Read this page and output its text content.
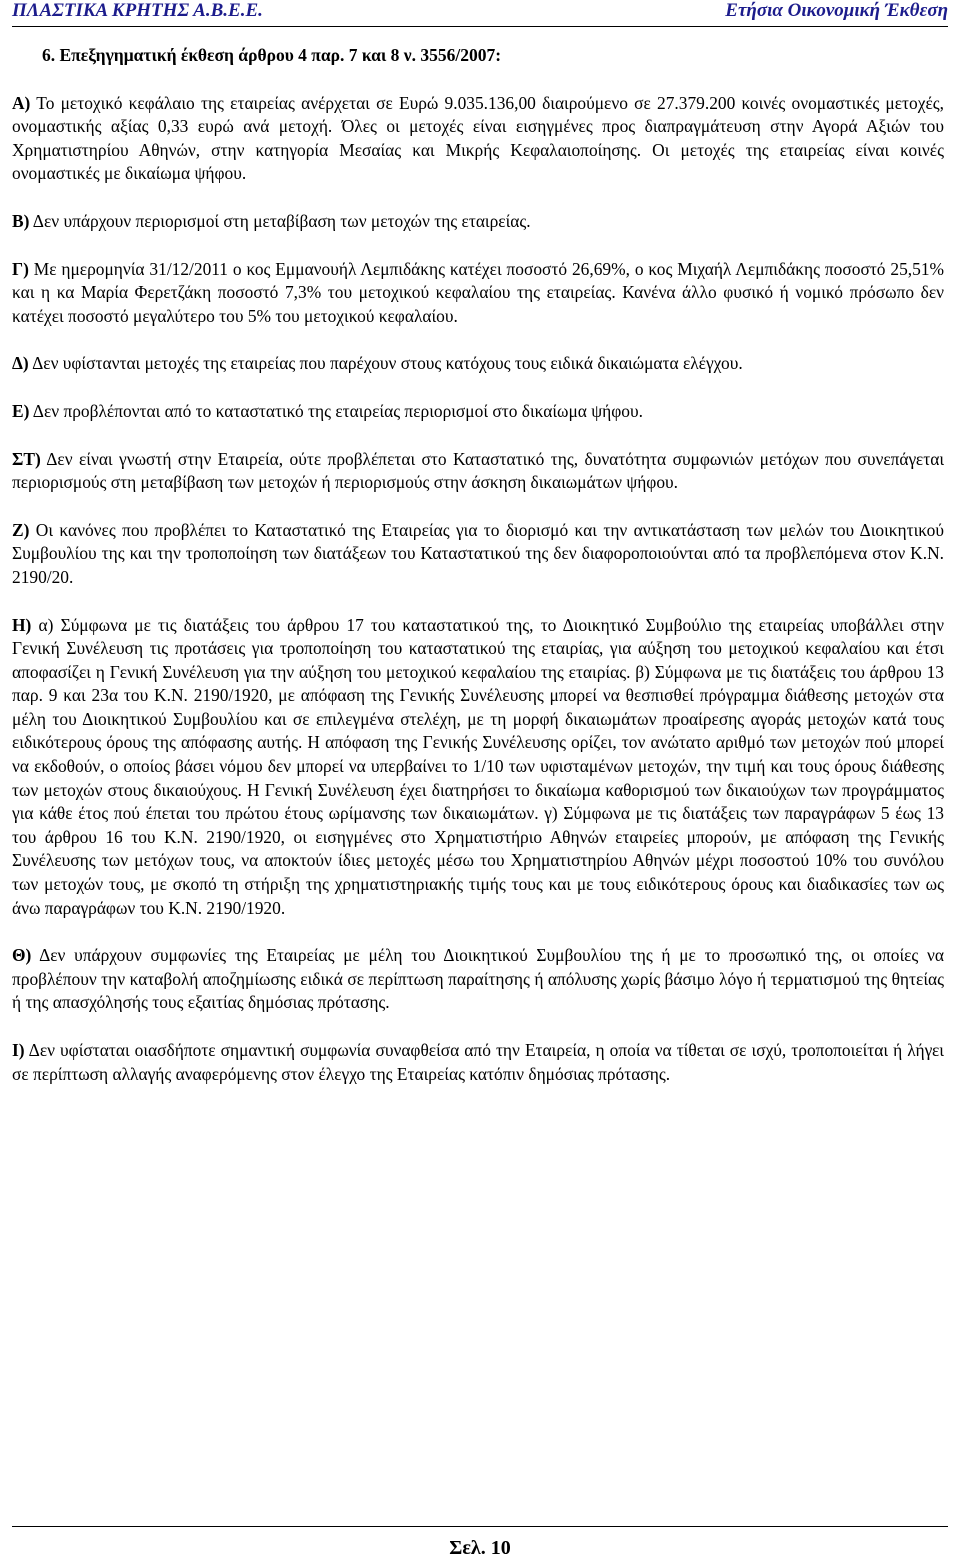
ΠΛΑΣΤΙΚΑ ΚΡΗΤΗΣ Α.Β.Ε.Ε.	Ετήσια Οικονομική Έκθεση
6. Επεξηγηματική έκθεση άρθρου 4 παρ. 7 και 8 ν. 3556/2007:

Α) Το μετοχικό κεφάλαιο της εταιρείας ανέρχεται σε Ευρώ 9.035.136,00 διαιρούμενο σε 27.379.200 κοινές ονομαστικές μετοχές, ονομαστικής αξίας 0,33 ευρώ ανά μετοχή. Όλες οι μετοχές είναι εισηγμένες προς διαπραγμάτευση στην Αγορά Αξιών του Χρηματιστηρίου Αθηνών, στην κατηγορία Μεσαίας και Μικρής Κεφαλαιοποίησης. Οι μετοχές της εταιρείας είναι κοινές ονομαστικές με δικαίωμα ψήφου.

Β) Δεν υπάρχουν περιορισμοί στη μεταβίβαση των μετοχών της εταιρείας.

Γ) Με ημερομηνία 31/12/2011 ο κος Εμμανουήλ Λεμπιδάκης κατέχει ποσοστό 26,69%, ο κος Μιχαήλ Λεμπιδάκης ποσοστό 25,51% και η κα Μαρία Φερετζάκη ποσοστό 7,3% του μετοχικού κεφαλαίου της εταιρείας. Κανένα άλλο φυσικό ή νομικό πρόσωπο δεν κατέχει ποσοστό μεγαλύτερο του 5% του μετοχικού κεφαλαίου.

Δ) Δεν υφίστανται μετοχές της εταιρείας που παρέχουν στους κατόχους τους ειδικά δικαιώματα ελέγχου.

Ε) Δεν προβλέπονται από το καταστατικό της εταιρείας περιορισμοί στο δικαίωμα ψήφου.

ΣΤ) Δεν είναι γνωστή στην Εταιρεία, ούτε προβλέπεται στο Καταστατικό της, δυνατότητα συμφωνιών μετόχων που συνεπάγεται περιορισμούς στη μεταβίβαση των μετοχών ή περιορισμούς στην άσκηση δικαιωμάτων ψήφου.

Ζ) Οι κανόνες που προβλέπει το Καταστατικό της Εταιρείας για το διορισμό και την αντικατάσταση των μελών του Διοικητικού Συμβουλίου της και την τροποποίηση των διατάξεων του Καταστατικού της δεν διαφοροποιούνται από τα προβλεπόμενα στον Κ.Ν. 2190/20.

Η) α) Σύμφωνα με τις διατάξεις του άρθρου 17 του καταστατικού της, το Διοικητικό Συμβούλιο της εταιρείας υποβάλλει στην Γενική Συνέλευση τις προτάσεις για τροποποίηση του καταστατικού της εταιρίας, για αύξηση του μετοχικού κεφαλαίου και έτσι αποφασίζει η Γενική Συνέλευση για την αύξηση του μετοχικού κεφαλαίου της εταιρίας. β) Σύμφωνα με τις διατάξεις του άρθρου 13 παρ. 9 και 23α του Κ.Ν. 2190/1920, με απόφαση της Γενικής Συνέλευσης μπορεί να θεσπισθεί πρόγραμμα διάθεσης μετοχών στα μέλη του Διοικητικού Συμβουλίου και σε επιλεγμένα στελέχη, με τη μορφή δικαιωμάτων προαίρεσης αγοράς μετοχών κατά τους ειδικότερους όρους της απόφασης αυτής. Η απόφαση της Γενικής Συνέλευσης ορίζει, τον ανώτατο αριθμό των μετοχών πού μπορεί να εκδοθούν, ο οποίος βάσει νόμου δεν μπορεί να υπερβαίνει το 1/10 των υφισταμένων μετοχών, την τιμή και τους όρους διάθεσης των μετοχών στους δικαιούχους. Η Γενική Συνέλευση έχει διατηρήσει το δικαίωμα καθορισμού των δικαιούχων των προγράμματος για κάθε έτος πού έπεται του πρώτου έτους ωρίμανσης των δικαιωμάτων. γ) Σύμφωνα με τις διατάξεις των παραγράφων 5 έως 13 του άρθρου 16 του Κ.Ν. 2190/1920, οι εισηγμένες στο Χρηματιστήριο Αθηνών εταιρείες μπορούν, με απόφαση της Γενικής Συνέλευσης των μετόχων τους, να αποκτούν ίδιες μετοχές μέσω του Χρηματιστηρίου Αθηνών μέχρι ποσοστού 10% του συνόλου των μετοχών τους, με σκοπό τη στήριξη της χρηματιστηριακής τιμής τους και με τους ειδικότερους όρους και διαδικασίες των ως άνω παραγράφων του Κ.Ν. 2190/1920.

Θ) Δεν υπάρχουν συμφωνίες της Εταιρείας με μέλη του Διοικητικού Συμβουλίου της ή με το προσωπικό της, οι οποίες να προβλέπουν την καταβολή αποζημίωσης ειδικά σε περίπτωση παραίτησης ή απόλυσης χωρίς βάσιμο λόγο ή τερματισμού της θητείας ή της απασχόλησής τους εξαιτίας δημόσιας πρότασης.

Ι) Δεν υφίσταται οιασδήποτε σημαντική συμφωνία συναφθείσα από την Εταιρεία, η οποία να τίθεται σε ισχύ, τροποποιείται ή λήγει σε περίπτωση αλλαγής αναφερόμενης στον έλεγχο της Εταιρείας κατόπιν δημόσιας πρότασης.

Σελ. 10
